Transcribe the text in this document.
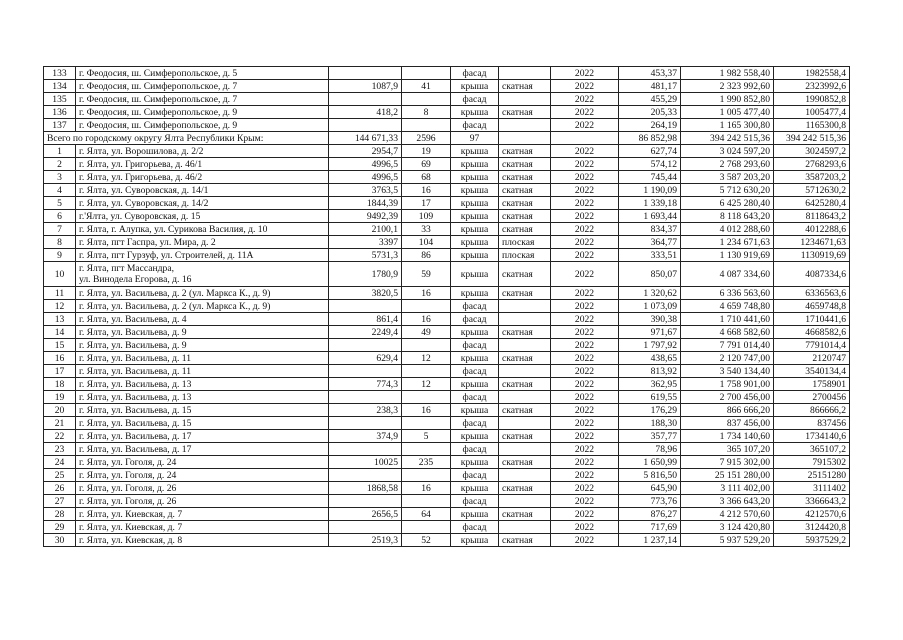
133	г. Феодосия, ш. Симферопольское, д. 5			фасад		2022	453,37	1 982 558,40	1982558,4
134	г. Феодосия, ш. Симферопольское, д. 7	1087,9	41	крыша	скатная	2022	481,17	2 323 992,60	2323992,6
135	г. Феодосия, ш. Симферопольское, д. 7			фасад		2022	455,29	1 990 852,80	1990852,8
136	г. Феодосия, ш. Симферопольское, д. 9	418,2	8	крыша	скатная	2022	205,33	1 005 477,40	1005477,4
137	г. Феодосия, ш. Симферопольское, д. 9			фасад		2022	264,19	1 165 300,80	1165300,8
Всего по городскому округу Ялта Республики Крым:		144 671,33	2596	97			86 852,98	394 242 515,36	394 242 515,36
1	г. Ялта, ул. Ворошилова, д. 2/2	2954,7	19	крыша	скатная	2022	627,74	3 024 597,20	3024597,2
2	г. Ялта, ул. Григорьева, д. 46/1	4996,5	69	крыша	скатная	2022	574,12	2 768 293,60	2768293,6
3	г. Ялта, ул. Григорьева, д. 46/2	4996,5	68	крыша	скатная	2022	745,44	3 587 203,20	3587203,2
4	г. Ялта, ул. Суворовская, д. 14/1	3763,5	16	крыша	скатная	2022	1 190,09	5 712 630,20	5712630,2
5	г. Ялта, ул. Суворовская, д. 14/2	1844,39	17	крыша	скатная	2022	1 339,18	6 425 280,40	6425280,4
6	г.'Ялта, ул. Суворовская, д. 15	9492,39	109	крыша	скатная	2022	1 693,44	8 118 643,20	8118643,2
7	г. Ялта, г. Алупка, ул. Сурикова Василия, д. 10	2100,1	33	крыша	скатная	2022	834,37	4 012 288,60	4012288,6
8	г. Ялта, пгт Гаспра, ул. Мира, д. 2	3397	104	крыша	плоская	2022	364,77	1 234 671,63	1234671,63
9	г. Ялта, пгт Гурзуф, ул. Строителей, д. 11А	5731,3	86	крыша	плоская	2022	333,51	1 130 919,69	1130919,69
10	г. Ялта, пгт Массандра,
ул. Винодела Егорова, д. 16	1780,9	59	крыша	скатная	2022	850,07	4 087 334,60	4087334,6
11	г. Ялта, ул. Васильева, д. 2 (ул. Маркса К., д. 9)	3820,5	16	крыша	скатная	2022	1 320,62	6 336 563,60	6336563,6
12	г. Ялта, ул. Васильева, д. 2 (ул. Маркса К., д. 9)			фасад		2022	1 073,09	4 659 748,80	4659748,8
13	г. Ялта, ул. Васильева, д. 4	861,4	16	фасад		2022	390,38	1 710 441,60	1710441,6
14	г. Ялта, ул. Васильева, д. 9	2249,4	49	крыша	скатная	2022	971,67	4 668 582,60	4668582,6
15	г. Ялта, ул. Васильева, д. 9			фасад		2022	1 797,92	7 791 014,40	7791014,4
16	г. Ялта, ул. Васильева, д. 11	629,4	12	крыша	скатная	2022	438,65	2 120 747,00	2120747
17	г. Ялта, ул. Васильева, д. 11			фасад		2022	813,92	3 540 134,40	3540134,4
18	г. Ялта, ул. Васильева, д. 13	774,3	12	крыша	скатная	2022	362,95	1 758 901,00	1758901
19	г. Ялта, ул. Васильева, д. 13			фасад		2022	619,55	2 700 456,00	2700456
20	г. Ялта, ул. Васильева, д. 15	238,3	16	крыша	скатная	2022	176,29	866 666,20	866666,2
21	г. Ялта, ул. Васильева, д. 15			фасад		2022	188,30	837 456,00	837456
22	г. Ялта, ул. Васильева, д. 17	374,9	5	крыша	скатная	2022	357,77	1 734 140,60	1734140,6
23	г. Ялта, ул. Васильева, д. 17			фасад		2022	78,96	365 107,20	365107,2
24	г. Ялта, ул. Гоголя, д. 24	10025	235	крыша	скатная	2022	1 650,99	7 915 302,00	7915302
25	г. Ялта, ул. Гоголя, д. 24			фасад		2022	5 816,50	25 151 280,00	25151280
26	г. Ялта, ул. Гоголя, д. 26	1868,58	16	крыша	скатная	2022	645,90	3 111 402,00	3111402
27	г. Ялта, ул. Гоголя, д. 26			фасад		2022	773,76	3 366 643,20	3366643,2
28	г. Ялта, ул. Киевская, д. 7	2656,5	64	крыша	скатная	2022	876,27	4 212 570,60	4212570,6
29	г. Ялта, ул. Киевская, д. 7			фасад		2022	717,69	3 124 420,80	3124420,8
30	г. Ялта, ул. Киевская, д. 8	2519,3	52	крыша	скатная	2022	1 237,14	5 937 529,20	5937529,2
